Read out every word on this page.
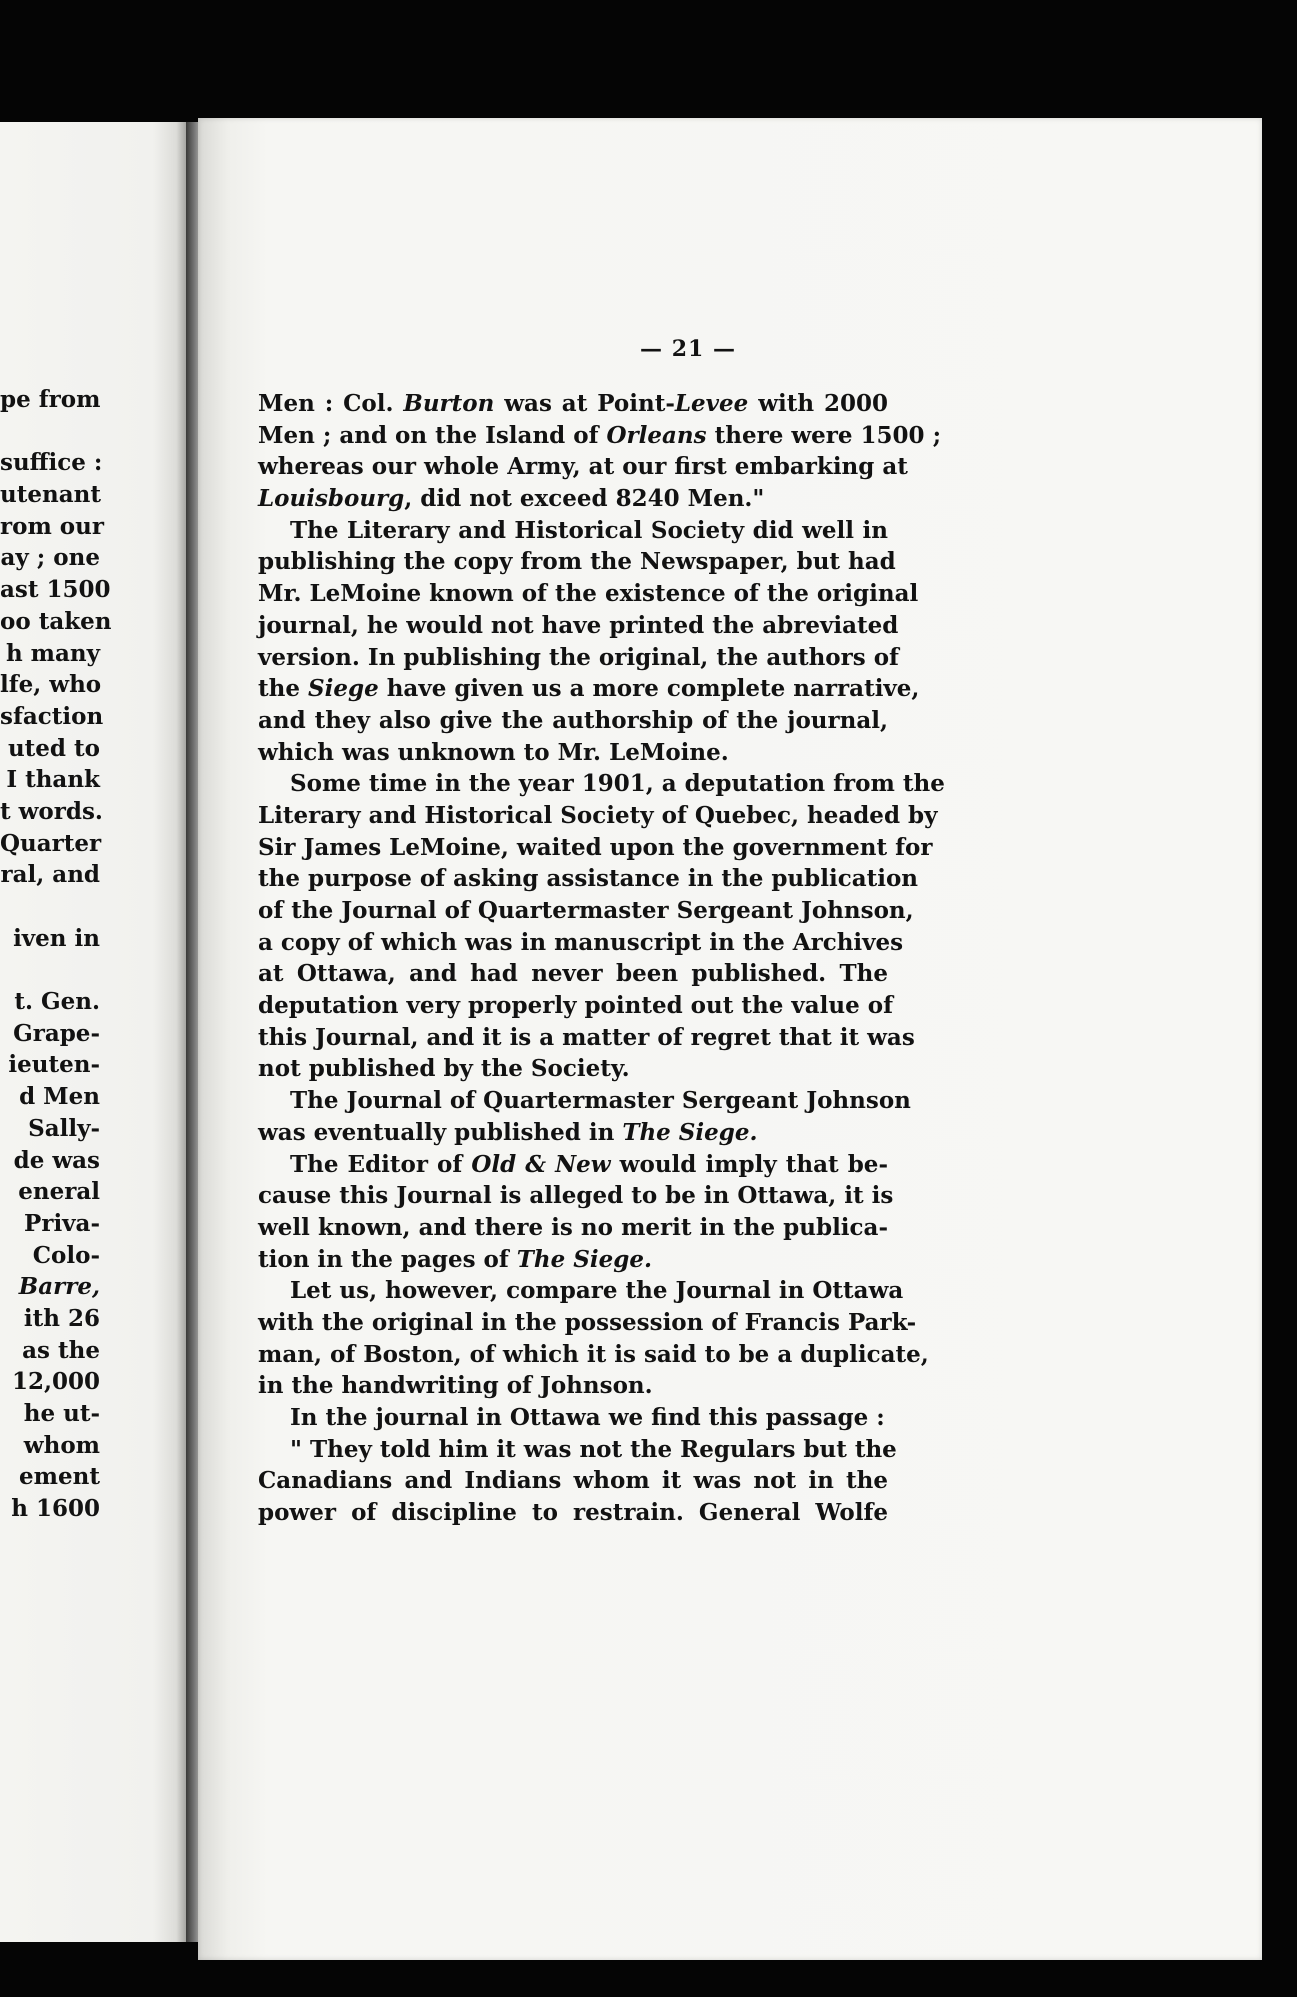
pe from
suffice :
utenant
rom our
ay ; one
ast 1500
oo taken
h many
lfe, who
sfaction
uted to
I thank
t words.
Quarter
ral, and
iven in
t. Gen.
Grape-
ieuten-
d Men
Sally-
de was
eneral
Priva-
Colo-
Barre,
ith 26
as the
12,000
he ut-
whom
ement
h 1600
— 21 —
Men : Col. Burton was at Point-Levee with 2000
Men ; and on the Island of Orleans there were 1500 ;
whereas our whole Army, at our first embarking at
Louisbourg, did not exceed 8240 Men."
The Literary and Historical Society did well in
publishing the copy from the Newspaper, but had
Mr. LeMoine known of the existence of the original
journal, he would not have printed the abreviated
version. In publishing the original, the authors of
the Siege have given us a more complete narrative,
and they also give the authorship of the journal,
which was unknown to Mr. LeMoine.
Some time in the year 1901, a deputation from the
Literary and Historical Society of Quebec, headed by
Sir James LeMoine, waited upon the government for
the purpose of asking assistance in the publication
of the Journal of Quartermaster Sergeant Johnson,
a copy of which was in manuscript in the Archives
at Ottawa, and had never been published. The
deputation very properly pointed out the value of
this Journal, and it is a matter of regret that it was
not published by the Society.
The Journal of Quartermaster Sergeant Johnson
was eventually published in The Siege.
The Editor of Old & New would imply that be-
cause this Journal is alleged to be in Ottawa, it is
well known, and there is no merit in the publica-
tion in the pages of The Siege.
Let us, however, compare the Journal in Ottawa
with the original in the possession of Francis Park-
man, of Boston, of which it is said to be a duplicate,
in the handwriting of Johnson.
In the journal in Ottawa we find this passage :
" They told him it was not the Regulars but the
Canadians and Indians whom it was not in the
power of discipline to restrain. General Wolfe
